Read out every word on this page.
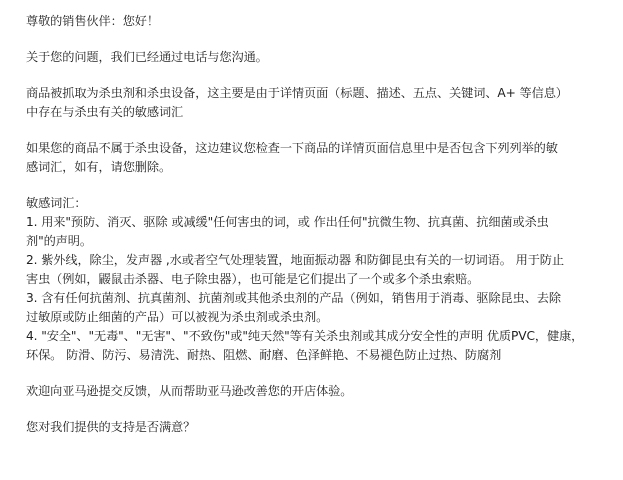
尊敬的销售伙伴：您好！

关于您的问题，我们已经通过电话与您沟通。

商品被抓取为杀虫剂和杀虫设备，这主要是由于详情页面（标题、描述、五点、关键词、A+ 等信息）
中存在与杀虫有关的敏感词汇

如果您的商品不属于杀虫设备，这边建议您检查一下商品的详情页面信息里中是否包含下列列举的敏
感词汇，如有，请您删除。

敏感词汇：
1. 用来"预防、消灭、驱除 或减缓"任何害虫的词，或 作出任何"抗微生物、抗真菌、抗细菌或杀虫
剂"的声明。
2. 紫外线，除尘，发声器 ,水或者空气处理装置，地面振动器 和防御昆虫有关的一切词语。 用于防止
害虫（例如，鼹鼠击杀器、电子除虫器），也可能是它们提出了一个或多个杀虫索赔。
3. 含有任何抗菌剂、抗真菌剂、抗菌剂或其他杀虫剂的产品（例如，销售用于消毒、驱除昆虫、去除
过敏原或防止细菌的产品）可以被视为杀虫剂或杀虫剂。
4. "安全"、"无毒"、"无害"、"不致伤"或"纯天然"等有关杀虫剂或其成分安全性的声明 优质PVC，健康，
环保。 防滑、防污、易清洗、耐热、阻燃、耐磨、色泽鲜艳、不易褪色防止过热、防腐剂

欢迎向亚马逊提交反馈，从而帮助亚马逊改善您的开店体验。

您对我们提供的支持是否满意？
